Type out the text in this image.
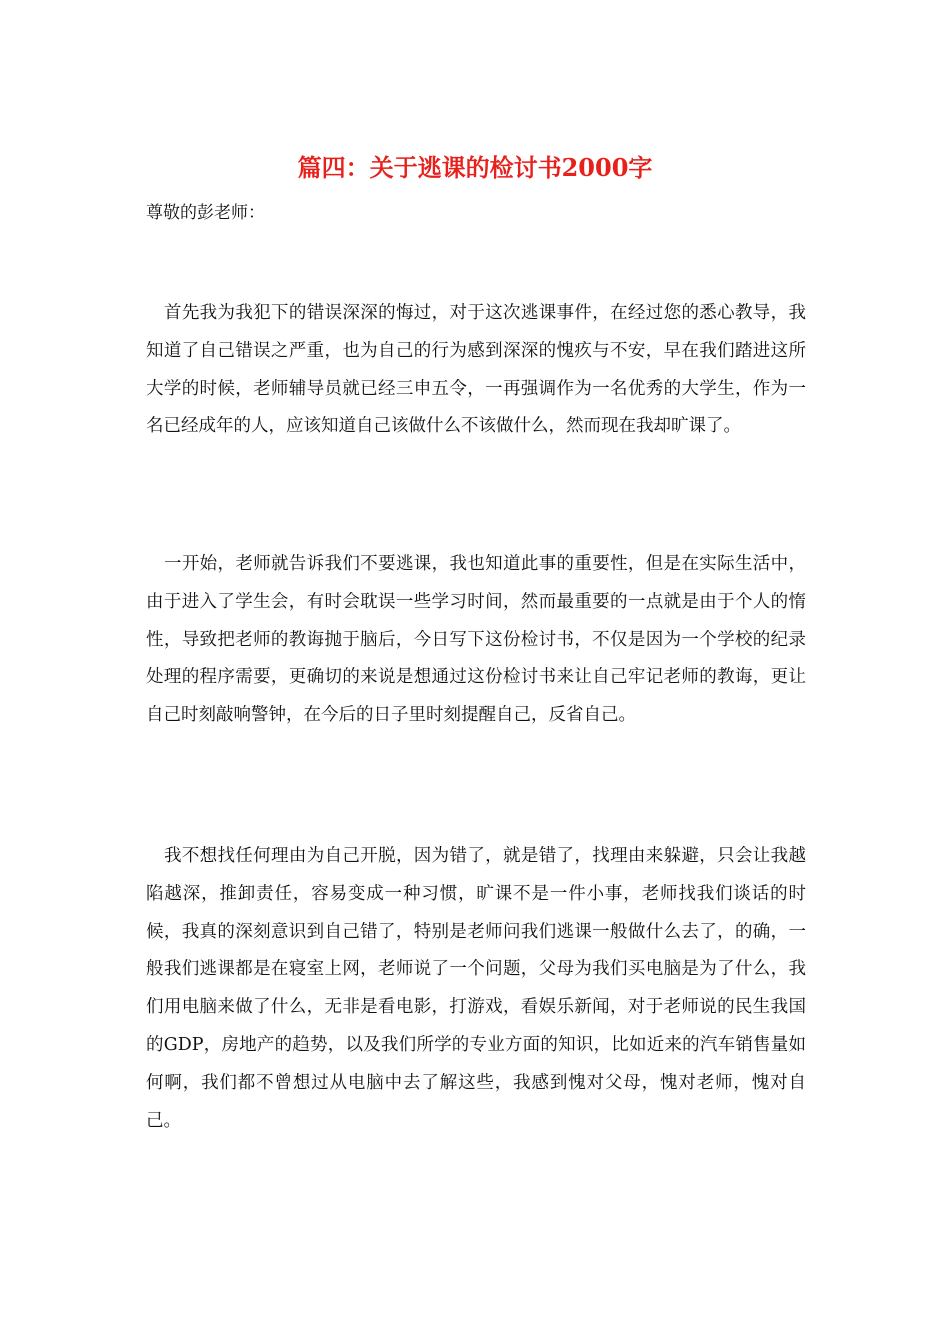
篇四：关于逃课的检讨书2000字
尊敬的彭老师：

首先我为我犯下的错误深深的悔过，对于这次逃课事件，在经过您的悉心教导，我知道了自己错误之严重，也为自己的行为感到深深的愧疚与不安，早在我们踏进这所大学的时候，老师辅导员就已经三申五令，一再强调作为一名优秀的大学生，作为一名已经成年的人，应该知道自己该做什么不该做什么，然而现在我却旷课了。

一开始，老师就告诉我们不要逃课，我也知道此事的重要性，但是在实际生活中，由于进入了学生会，有时会耽误一些学习时间，然而最重要的一点就是由于个人的惰性，导致把老师的教诲抛于脑后，今日写下这份检讨书，不仅是因为一个学校的纪录处理的程序需要，更确切的来说是想通过这份检讨书来让自己牢记老师的教诲，更让自己时刻敲响警钟，在今后的日子里时刻提醒自己，反省自己。

我不想找任何理由为自己开脱，因为错了，就是错了，找理由来躲避，只会让我越陷越深，推卸责任，容易变成一种习惯，旷课不是一件小事，老师找我们谈话的时候，我真的深刻意识到自己错了，特别是老师问我们逃课一般做什么去了，的确，一般我们逃课都是在寝室上网，老师说了一个问题，父母为我们买电脑是为了什么，我们用电脑来做了什么，无非是看电影，打游戏，看娱乐新闻，对于老师说的民生我国的GDP，房地产的趋势，以及我们所学的专业方面的知识，比如近来的汽车销售量如何啊，我们都不曾想过从电脑中去了解这些，我感到愧对父母，愧对老师，愧对自己。
